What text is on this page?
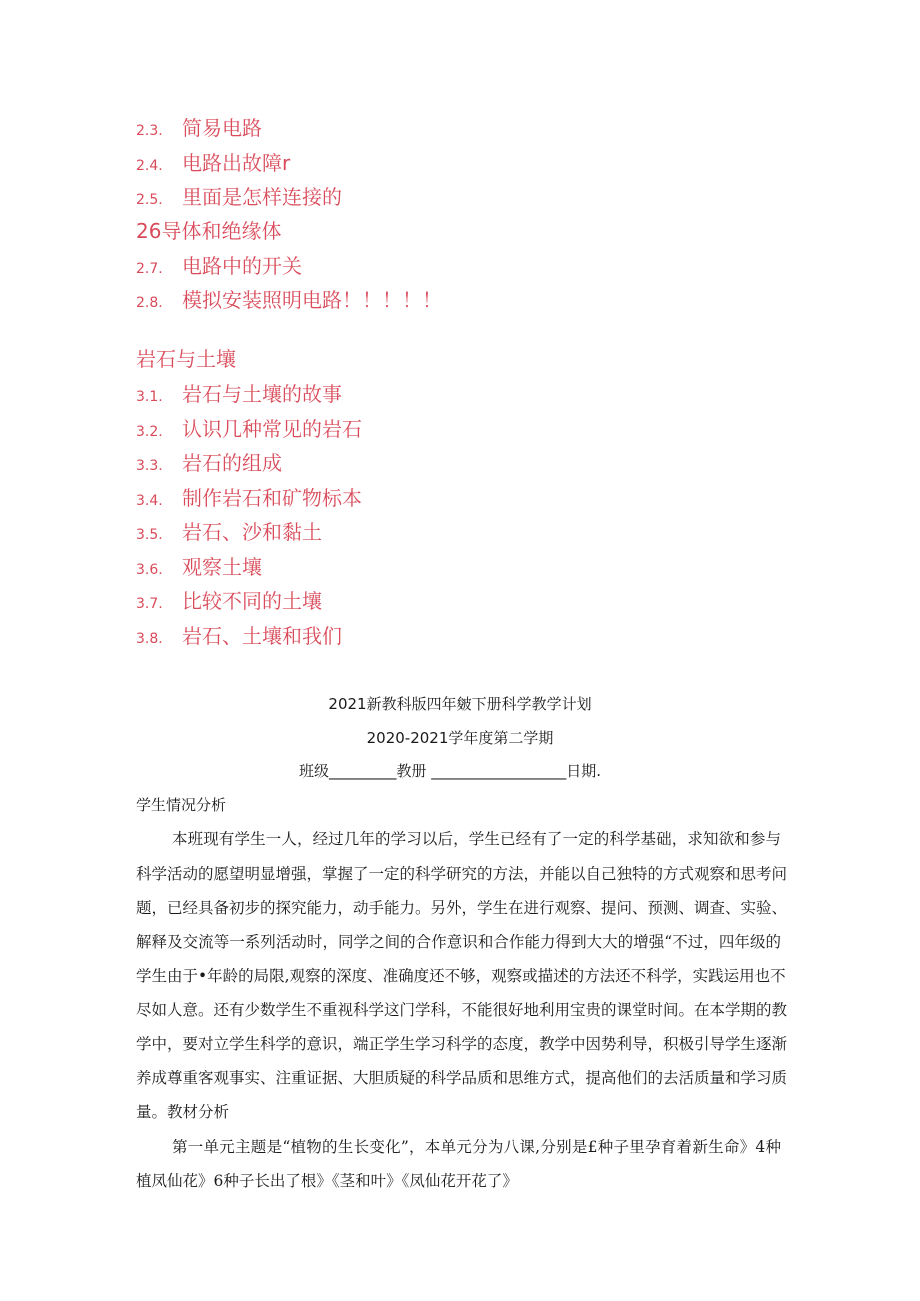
2.3. 简易电路
2.4. 电路出故障r
2.5. 里面是怎样连接的
26导体和绝缘体
2.7. 电路中的开关
2.8. 模拟安装照明电路！！！！！
岩石与土壤
3.1. 岩石与土壤的故事
3.2. 认识几种常见的岩石
3.3. 岩石的组成
3.4. 制作岩石和矿物标本
3.5. 岩石、沙和黏土
3.6. 观察土壤
3.7. 比较不同的土壤
3.8. 岩石、土壤和我们
2021新教科版四年皴下册科学教学计划
2020-2021学年度第二学期
班级_________教册 __________________日期.
学生情况分析
本班现有学生一人，经过几年的学习以后，学生已经有了一定的科学基础，求知欲和参与
科学活动的愿望明显增强，掌握了一定的科学研究的方法，并能以自己独特的方式观察和思考问
题，已经具备初步的探究能力，动手能力。另外，学生在进行观察、提问、预测、调查、实验、
解释及交流等一系列活动时，同学之间的合作意识和合作能力得到大大的增强“不过，四年级的
学生由于•年龄的局限,观察的深度、准确度还不够，观察或描述的方法还不科学，实践运用也不
尽如人意。还有少数学生不重视科学这门学科，不能很好地利用宝贵的课堂时间。在本学期的教
学中，要对立学生科学的意识，端正学生学习科学的态度，教学中因势利导，积极引导学生逐渐
养成尊重客观事实、注重证据、大胆质疑的科学品质和思维方式，提高他们的去活质量和学习质
量。教材分析
第一单元主题是“植物的生长变化”，本单元分为八课,分别是£种子里孕育着新生命》4种
植凤仙花》6种子长出了根》《茎和叶》《凤仙花开花了》
